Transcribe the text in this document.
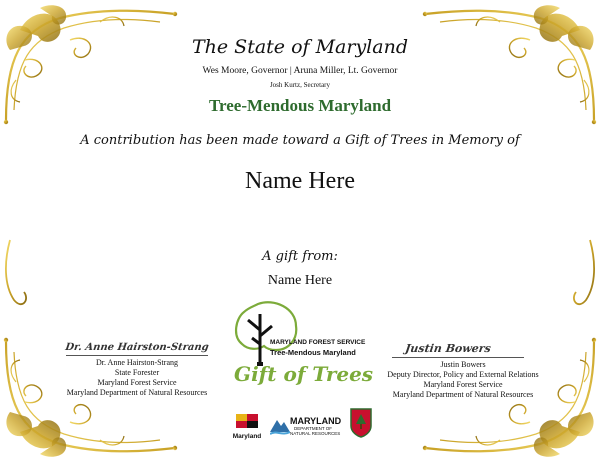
The State of Maryland
Wes Moore, Governor | Aruna Miller, Lt. Governor
Josh Kurtz, Secretary
Tree-Mendous Maryland
A contribution has been made toward a Gift of Trees in Memory of
Name Here
A gift from:
Name Here
Dr. Anne Hairston-Strang
Dr. Anne Hairston-Strang
State Forester
Maryland Forest Service
Maryland Department of Natural Resources
Justin Bowers
Justin Bowers
Deputy Director, Policy and External Relations
Maryland Forest Service
Maryland Department of Natural Resources
MARYLAND FOREST SERVICE
Tree-Mendous Maryland
Gift of Trees
Maryland
MARYLAND
DEPARTMENT OF
NATURAL RESOURCES
